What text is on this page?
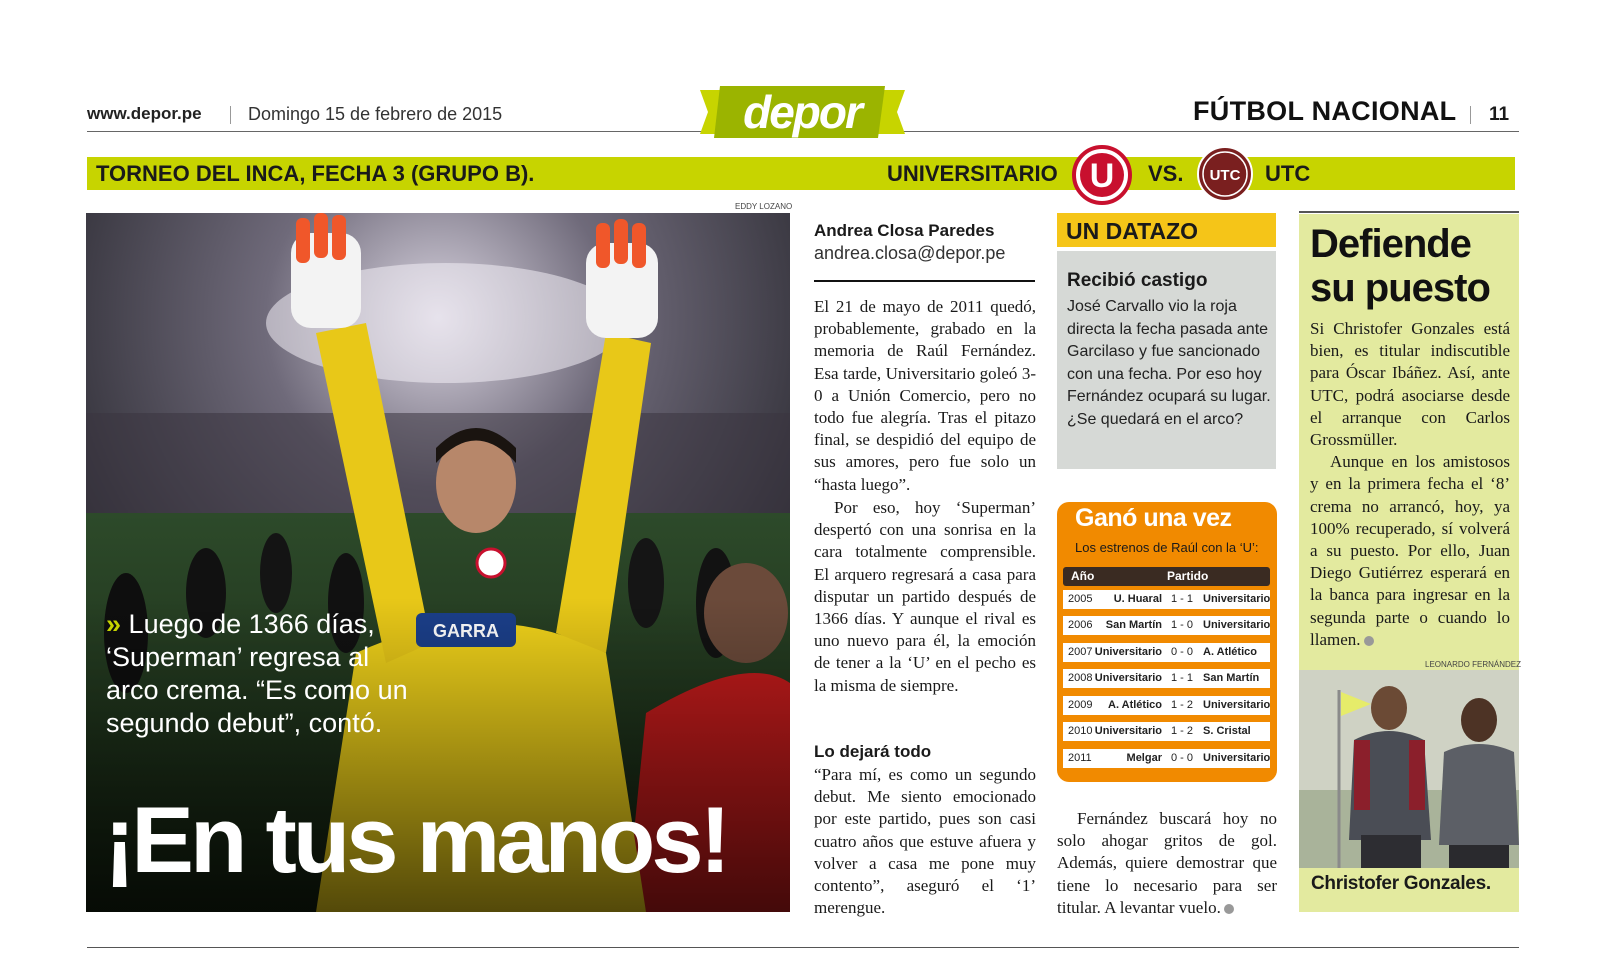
www.depor.pe	Domingo 15 de febrero de 2015	depor	FÚTBOL NACIONAL 11
TORNEO DEL INCA, FECHA 3 (GRUPO B).	UNIVERSITARIO U VS. UTC UTC
EDDY LOZANO
» Luego de 1366 días, ‘Superman’ regresa al arco crema. “Es como un segundo debut”, contó.
¡En tus manos!
Andrea Closa Paredes
andrea.closa@depor.pe
El 21 de mayo de 2011 quedó, probablemente, grabado en la memoria de Raúl Fernández. Esa tarde, Universitario goleó 3-0 a Unión Comercio, pero no todo fue alegría. Tras el pitazo final, se despidió del equipo de sus amores, pero fue solo un “hasta luego”.
Por eso, hoy ‘Superman’ despertó con una sonrisa en la cara totalmente comprensible. El arquero regresará a casa para disputar un partido después de 1366 días. Y aunque el rival es uno nuevo para él, la emoción de tener a la ‘U’ en el pecho es la misma de siempre.
Lo dejará todo
“Para mí, es como un segundo debut. Me siento emocionado por este partido, pues son casi cuatro años que estuve afuera y volver a casa me pone muy contento”, aseguró el ‘1’ merengue.
UN DATAZO
Recibió castigo
José Carvallo vio la roja directa la fecha pasada ante Garcilaso y fue sancionado con una fecha. Por eso hoy Fernández ocupará su lugar. ¿Se quedará en el arco?
Ganó una vez
Los estrenos de Raúl con la ‘U’:
Año	Partido
2005 U. Huaral 1 - 1 Universitario
2006 San Martín 1 - 0 Universitario
2007 Universitario 0 - 0 A. Atlético
2008 Universitario 1 - 1 San Martín
2009 A. Atlético 1 - 2 Universitario
2010 Universitario 1 - 2 S. Cristal
2011	Melgar 0 - 0 Universitario
Fernández buscará hoy no solo ahogar gritos de gol. Además, quiere demostrar que tiene lo necesario para ser titular. A levantar vuelo.
Defiende su puesto

Si Christofer Gonzales está bien, es titular indiscutible para Óscar Ibáñez. Así, ante UTC, podrá asociarse desde el arranque con Carlos Grossmüller.

Aunque en los amistosos y en la primera fecha el ‘8’ crema no arrancó, hoy, ya 100% recuperado, sí volverá a su puesto. Por ello, Juan Diego Gutiérrez esperará en la banca para ingresar en la segunda parte o cuando lo llamen.

LEONARDO FERNÁNDEZ
Christofer Gonzales.
